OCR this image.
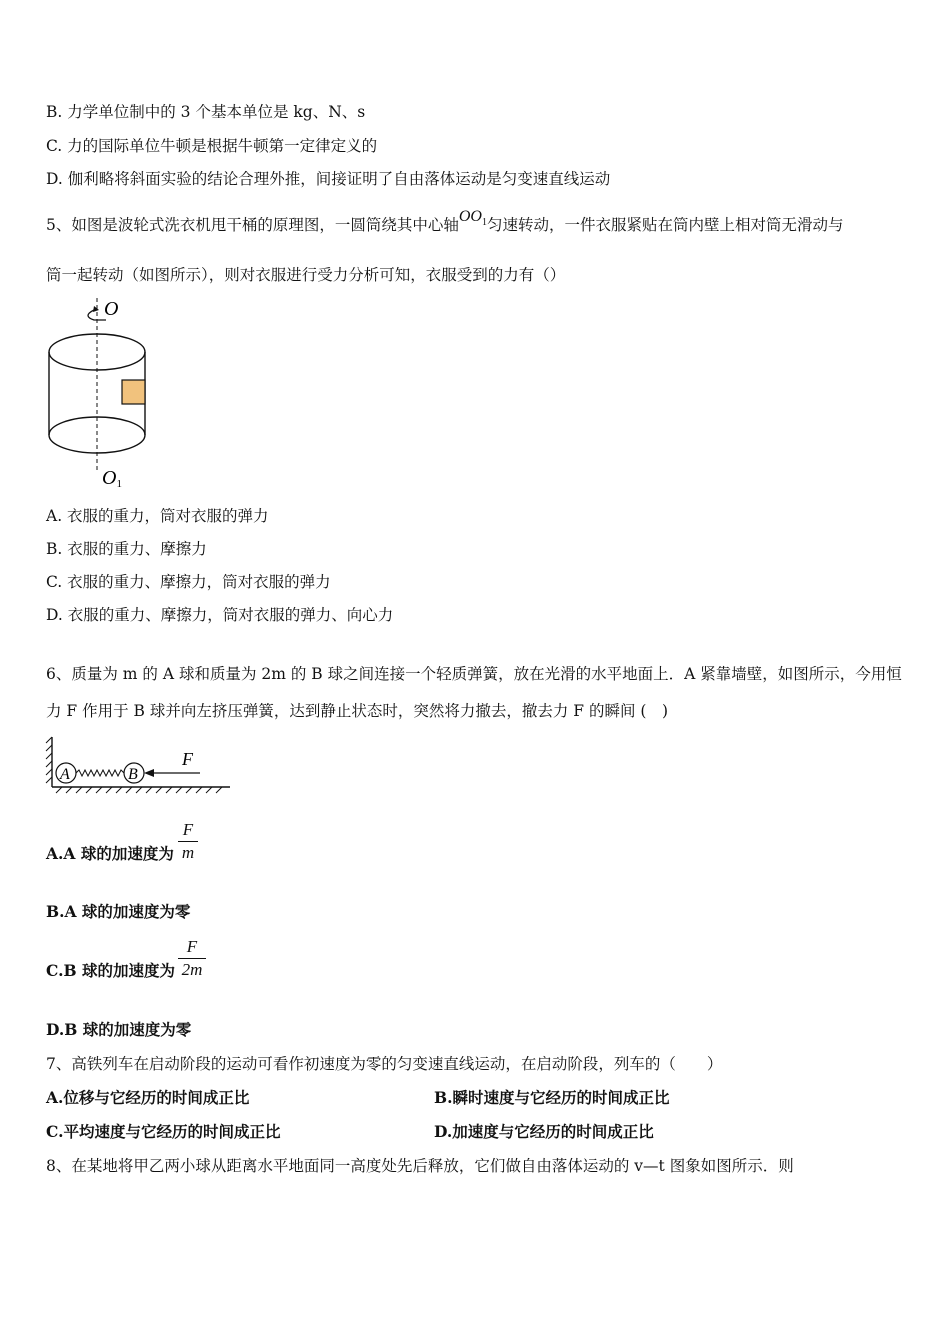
B. 力学单位制中的 3 个基本单位是 kg、N、s
C. 力的国际单位牛顿是根据牛顿第一定律定义的
D. 伽利略将斜面实验的结论合理外推，间接证明了自由落体运动是匀变速直线运动
5、如图是波轮式洗衣机甩干桶的原理图，一圆筒绕其中心轴$OO_1$匀速转动，一件衣服紧贴在筒内壁上相对筒无滑动与
筒一起转动（如图所示），则对衣服进行受力分析可知，衣服受到的力有（）
O
O1
A. 衣服的重力，筒对衣服的弹力
B. 衣服的重力、摩擦力
C. 衣服的重力、摩擦力，筒对衣服的弹力
D. 衣服的重力、摩擦力，筒对衣服的弹力、向心力
6、质量为 m 的 A 球和质量为 2m 的 B 球之间连接一个轻质弹簧，放在光滑的水平地面上．A 紧靠墙壁，如图所示，今用恒
力 F 作用于 B 球并向左挤压弹簧，达到静止状态时，突然将力撤去，撤去力 F 的瞬间 (　)
A	B
F
A.A 球的加速度为
F
m
B.A 球的加速度为零
C.B 球的加速度为
F
2m
D.B 球的加速度为零
7、高铁列车在启动阶段的运动可看作初速度为零的匀变速直线运动，在启动阶段，列车的（　　）
A.位移与它经历的时间成正比	B.瞬时速度与它经历的时间成正比
C.平均速度与它经历的时间成正比	D.加速度与它经历的时间成正比
8、在某地将甲乙两小球从距离水平地面同一高度处先后释放，它们做自由落体运动的 v—t 图象如图所示．则
